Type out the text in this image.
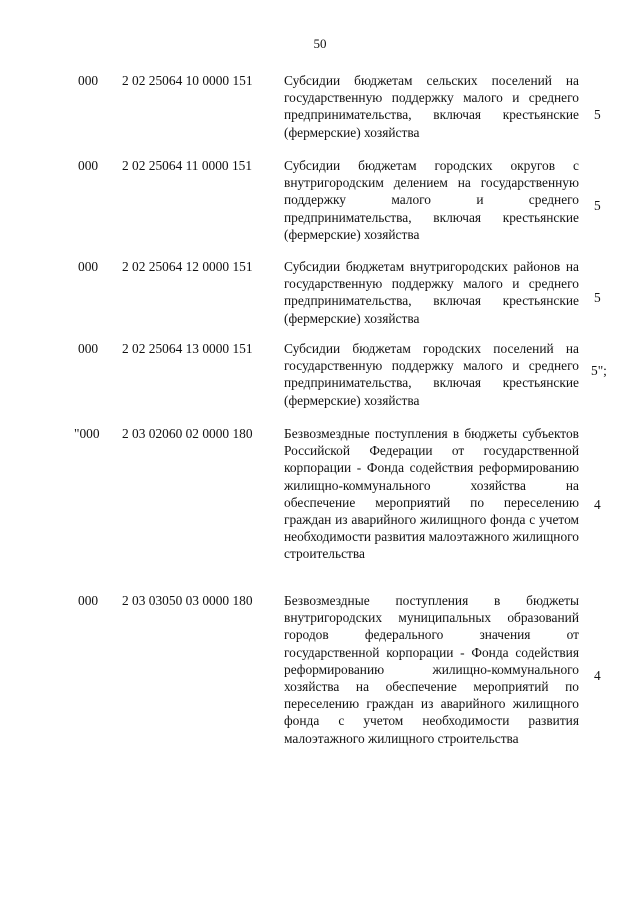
50
000 2 02 25064 10 0000 151 Субсидии бюджетам сельских поселений на государственную поддержку малого и среднего предпринимательства, включая крестьянские (фермерские) хозяйства
5
000 2 02 25064 11 0000 151 Субсидии бюджетам городских округов с внутригородским делением на государственную поддержку малого и среднего предпринимательства, включая крестьянские (фермерские) хозяйства
5
000 2 02 25064 12 0000 151 Субсидии бюджетам внутригородских районов на государственную поддержку малого и среднего предпринимательства, включая крестьянские (фермерские) хозяйства
5
000 2 02 25064 13 0000 151 Субсидии бюджетам городских поселений на государственную поддержку малого и среднего предпринимательства, включая крестьянские (фермерские) хозяйства
5";
"000 2 03 02060 02 0000 180 Безвозмездные поступления в бюджеты субъектов Российской Федерации от государственной корпорации - Фонда содействия реформированию жилищно-коммунального хозяйства на обеспечение мероприятий по переселению граждан из аварийного жилищного фонда с учетом необходимости развития малоэтажного жилищного строительства
4
000 2 03 03050 03 0000 180 Безвозмездные поступления в бюджеты внутригородских муниципальных образований городов федерального значения от государственной корпорации - Фонда содействия реформированию жилищно-коммунального хозяйства на обеспечение мероприятий по переселению граждан из аварийного жилищного фонда с учетом необходимости развития малоэтажного жилищного строительства
4
